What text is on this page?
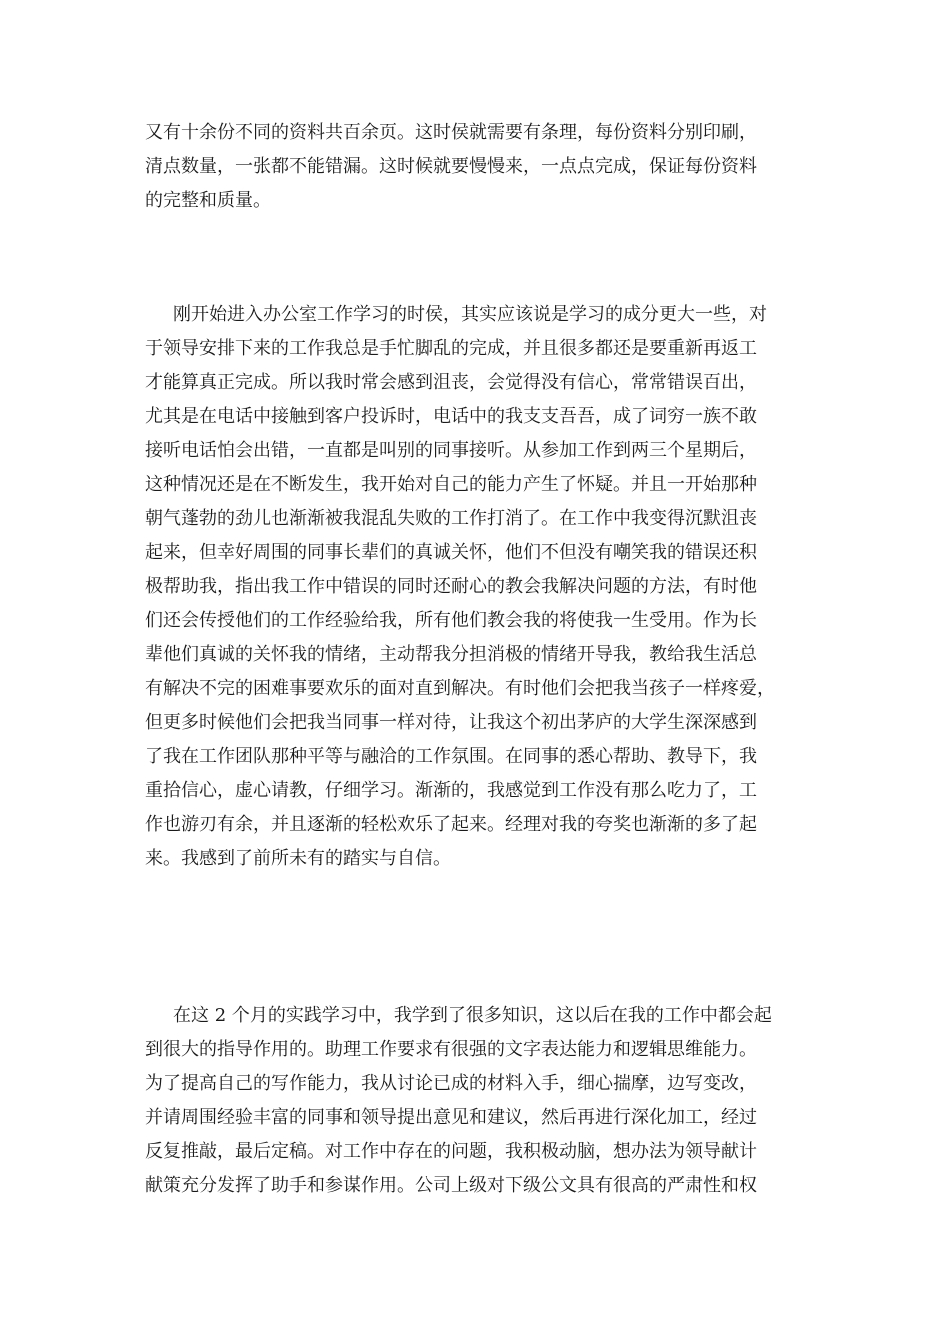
又有十余份不同的资料共百余页。这时侯就需要有条理，每份资料分别印刷，
清点数量，一张都不能错漏。这时候就要慢慢来，一点点完成，保证每份资料
的完整和质量。
刚开始进入办公室工作学习的时侯，其实应该说是学习的成分更大一些，对
于领导安排下来的工作我总是手忙脚乱的完成，并且很多都还是要重新再返工
才能算真正完成。所以我时常会感到沮丧，会觉得没有信心，常常错误百出，
尤其是在电话中接触到客户投诉时，电话中的我支支吾吾，成了词穷一族不敢
接听电话怕会出错，一直都是叫别的同事接听。从参加工作到两三个星期后，
这种情况还是在不断发生，我开始对自己的能力产生了怀疑。并且一开始那种
朝气蓬勃的劲儿也渐渐被我混乱失败的工作打消了。在工作中我变得沉默沮丧
起来，但幸好周围的同事长辈们的真诚关怀，他们不但没有嘲笑我的错误还积
极帮助我，指出我工作中错误的同时还耐心的教会我解决问题的方法，有时他
们还会传授他们的工作经验给我，所有他们教会我的将使我一生受用。作为长
辈他们真诚的关怀我的情绪，主动帮我分担消极的情绪开导我，教给我生活总
有解决不完的困难事要欢乐的面对直到解决。有时他们会把我当孩子一样疼爱，
但更多时候他们会把我当同事一样对待，让我这个初出茅庐的大学生深深感到
了我在工作团队那种平等与融洽的工作氛围。在同事的悉心帮助、教导下，我
重拾信心，虚心请教，仔细学习。渐渐的，我感觉到工作没有那么吃力了，工
作也游刃有余，并且逐渐的轻松欢乐了起来。经理对我的夸奖也渐渐的多了起
来。我感到了前所未有的踏实与自信。
在这 2 个月的实践学习中，我学到了很多知识，这以后在我的工作中都会起
到很大的指导作用的。助理工作要求有很强的文字表达能力和逻辑思维能力。
为了提高自己的写作能力，我从讨论已成的材料入手，细心揣摩，边写变改，
并请周围经验丰富的同事和领导提出意见和建议，然后再进行深化加工，经过
反复推敲，最后定稿。对工作中存在的问题，我积极动脑，想办法为领导献计
献策充分发挥了助手和参谋作用。公司上级对下级公文具有很高的严肃性和权
